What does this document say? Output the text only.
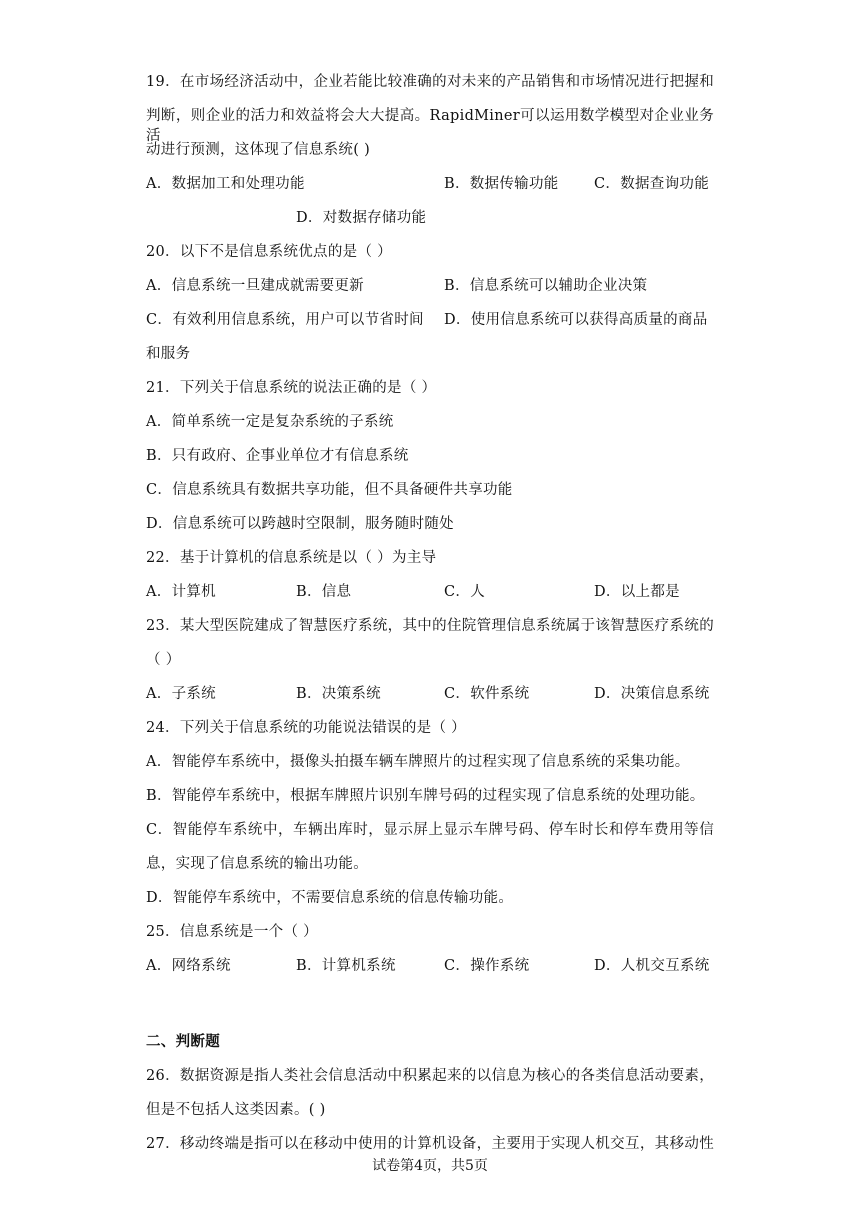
19．在市场经济活动中，企业若能比较准确的对未来的产品销售和市场情况进行把握和
判断，则企业的活力和效益将会大大提高。RapidMiner可以运用数学模型对企业业务活
动进行预测，这体现了信息系统( )
A．数据加工和处理功能	B．数据传输功能 C．数据查询功能
D．对数据存储功能
20．以下不是信息系统优点的是（ ）
A．信息系统一旦建成就需要更新	B．信息系统可以辅助企业决策
C．有效利用信息系统，用户可以节省时间 D．使用信息系统可以获得高质量的商品
和服务
21．下列关于信息系统的说法正确的是（ ）
A．简单系统一定是复杂系统的子系统
B．只有政府、企事业单位才有信息系统
C．信息系统具有数据共享功能，但不具备硬件共享功能
D．信息系统可以跨越时空限制，服务随时随处
22．基于计算机的信息系统是以（ ）为主导
A．计算机	B．信息	C．人	D．以上都是
23．某大型医院建成了智慧医疗系统，其中的住院管理信息系统属于该智慧医疗系统的
（ ）
A．子系统	B．决策系统	C．软件系统	D．决策信息系统
24．下列关于信息系统的功能说法错误的是（ ）
A．智能停车系统中，摄像头拍摄车辆车牌照片的过程实现了信息系统的采集功能。
B．智能停车系统中，根据车牌照片识别车牌号码的过程实现了信息系统的处理功能。
C．智能停车系统中，车辆出库时，显示屏上显示车牌号码、停车时长和停车费用等信
息，实现了信息系统的输出功能。
D．智能停车系统中，不需要信息系统的信息传输功能。
25．信息系统是一个（ ）
A．网络系统	B．计算机系统	C．操作系统	D．人机交互系统
二、判断题
26．数据资源是指人类社会信息活动中积累起来的以信息为核心的各类信息活动要素，
但是不包括人这类因素。( )
27．移动终端是指可以在移动中使用的计算机设备，主要用于实现人机交互，其移动性
试卷第4页，共5页
